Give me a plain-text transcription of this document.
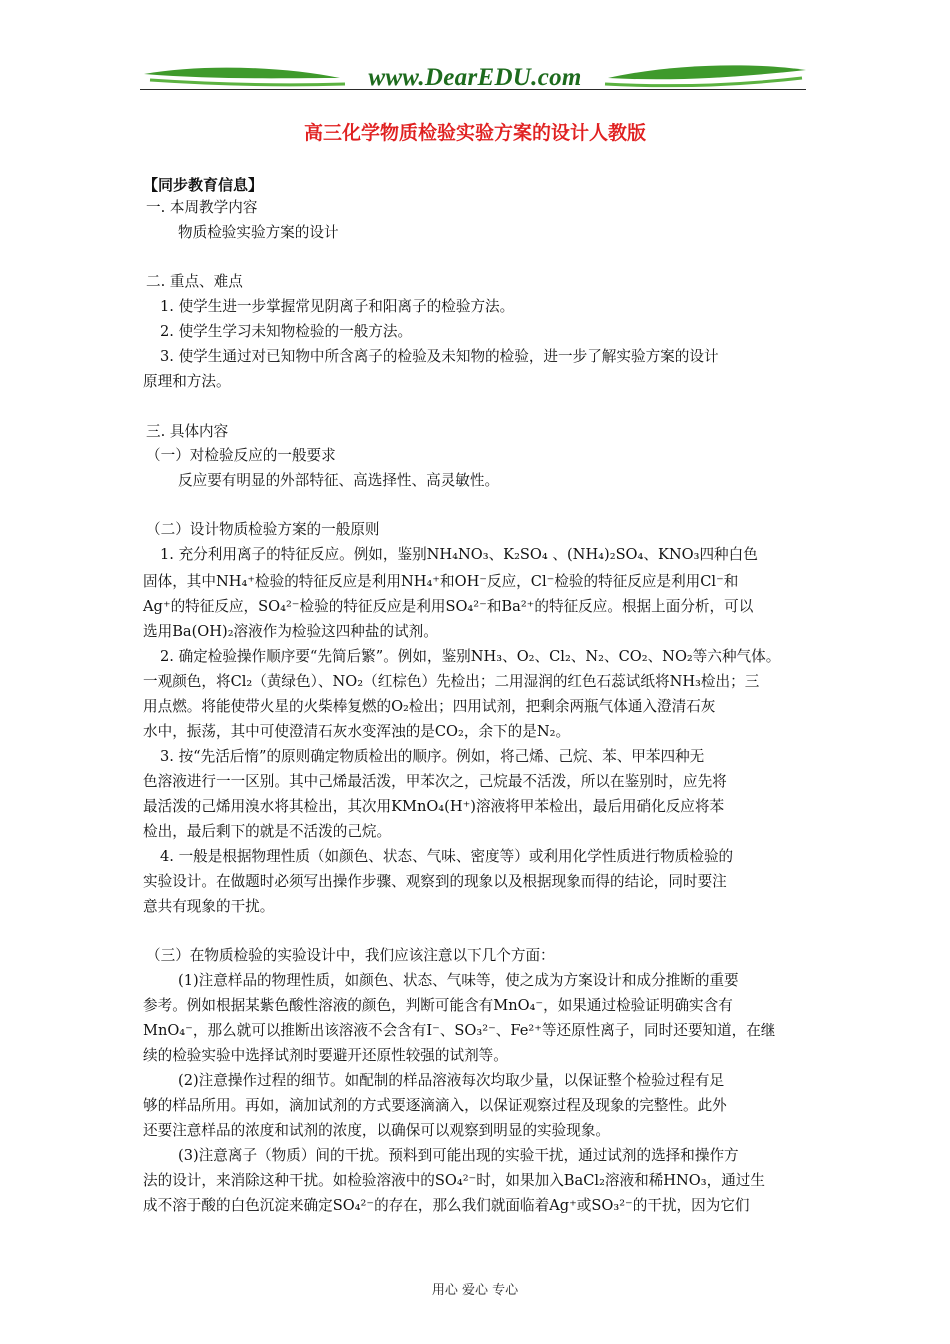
www.DearEDU.com
高三化学物质检验实验方案的设计人教版
【同步教育信息】
一. 本周教学内容
物质检验实验方案的设计
二. 重点、难点
1. 使学生进一步掌握常见阴离子和阳离子的检验方法。
2. 使学生学习未知物检验的一般方法。
3. 使学生通过对已知物中所含离子的检验及未知物的检验，进一步了解实验方案的设计
原理和方法。
三. 具体内容
（一）对检验反应的一般要求
反应要有明显的外部特征、高选择性、高灵敏性。
（二）设计物质检验方案的一般原则
1. 充分利用离子的特征反应。例如，鉴别NH₄NO₃、K₂SO₄ 、(NH₄)₂SO₄、KNO₃四种白色
固体，其中NH₄⁺检验的特征反应是利用NH₄⁺和OH⁻反应，Cl⁻检验的特征反应是利用Cl⁻和
Ag⁺的特征反应，SO₄²⁻检验的特征反应是利用SO₄²⁻和Ba²⁺的特征反应。根据上面分析，可以
选用Ba(OH)₂溶液作为检验这四种盐的试剂。
2. 确定检验操作顺序要“先简后繁”。例如，鉴别NH₃、O₂、Cl₂、N₂、CO₂、NO₂等六种气体。
一观颜色，将Cl₂（黄绿色）、NO₂（红棕色）先检出；二用湿润的红色石蕊试纸将NH₃检出；三
用点燃。将能使带火星的火柴棒复燃的O₂检出；四用试剂，把剩余两瓶气体通入澄清石灰
水中，振荡，其中可使澄清石灰水变浑浊的是CO₂，余下的是N₂。
3. 按“先活后惰”的原则确定物质检出的顺序。例如，将己烯、己烷、苯、甲苯四种无
色溶液进行一一区别。其中己烯最活泼，甲苯次之，己烷最不活泼，所以在鉴别时，应先将
最活泼的己烯用溴水将其检出，其次用KMnO₄(H⁺)溶液将甲苯检出，最后用硝化反应将苯
检出，最后剩下的就是不活泼的己烷。
4. 一般是根据物理性质（如颜色、状态、气味、密度等）或利用化学性质进行物质检验的
实验设计。在做题时必须写出操作步骤、观察到的现象以及根据现象而得的结论，同时要注
意共有现象的干扰。
（三）在物质检验的实验设计中，我们应该注意以下几个方面：
(1)注意样品的物理性质，如颜色、状态、气味等，使之成为方案设计和成分推断的重要
参考。例如根据某紫色酸性溶液的颜色，判断可能含有MnO₄⁻，如果通过检验证明确实含有
MnO₄⁻，那么就可以推断出该溶液不会含有I⁻、SO₃²⁻、Fe²⁺等还原性离子，同时还要知道，在继
续的检验实验中选择试剂时要避开还原性较强的试剂等。
(2)注意操作过程的细节。如配制的样品溶液每次均取少量，以保证整个检验过程有足
够的样品所用。再如，滴加试剂的方式要逐滴滴入，以保证观察过程及现象的完整性。此外
还要注意样品的浓度和试剂的浓度，以确保可以观察到明显的实验现象。
(3)注意离子（物质）间的干扰。预料到可能出现的实验干扰，通过试剂的选择和操作方
法的设计，来消除这种干扰。如检验溶液中的SO₄²⁻时，如果加入BaCl₂溶液和稀HNO₃，通过生
成不溶于酸的白色沉淀来确定SO₄²⁻的存在，那么我们就面临着Ag⁺或SO₃²⁻的干扰，因为它们
用心 爱心 专心
